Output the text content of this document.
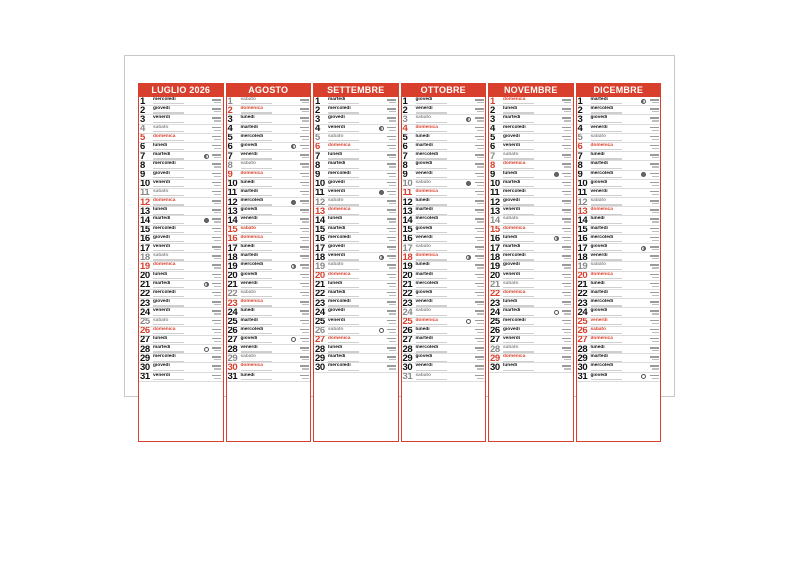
LUGLIO 2026
1 mercoledì
2 giovedì
3 venerdì
4 sabato
5 domenica
6 lunedì
7 martedì
8 mercoledì
9 giovedì
10 venerdì
11 sabato
12 domenica
13 lunedì
14 martedì
15 mercoledì
16 giovedì
17 venerdì
18 sabato
19 domenica
20 lunedì
21 martedì
22 mercoledì
23 giovedì
24 venerdì
25 sabato
26 domenica
27 lunedì
28 martedì
29 mercoledì
30 giovedì
31 venerdì
AGOSTO
1 sabato
2 domenica
3 lunedì
4 martedì
5 mercoledì
6 giovedì
7 venerdì
8 sabato
9 domenica
10 lunedì
11 martedì
12 mercoledì
13 giovedì
14 venerdì
15 sabato
16 domenica
17 lunedì
18 martedì
19 mercoledì
20 giovedì
21 venerdì
22 sabato
23 domenica
24 lunedì
25 martedì
26 mercoledì
27 giovedì
28 venerdì
29 sabato
30 domenica
31 lunedì
SETTEMBRE
1 martedì
2 mercoledì
3 giovedì
4 venerdì
5 sabato
6 domenica
7 lunedì
8 martedì
9 mercoledì
10 giovedì
11 venerdì
12 sabato
13 domenica
14 lunedì
15 martedì
16 mercoledì
17 giovedì
18 venerdì
19 sabato
20 domenica
21 lunedì
22 martedì
23 mercoledì
24 giovedì
25 venerdì
26 sabato
27 domenica
28 lunedì
29 martedì
30 mercoledì
OTTOBRE
1 giovedì
2 venerdì
3 sabato
4 domenica
5 lunedì
6 martedì
7 mercoledì
8 giovedì
9 venerdì
10 sabato
11 domenica
12 lunedì
13 martedì
14 mercoledì
15 giovedì
16 venerdì
17 sabato
18 domenica
19 lunedì
20 martedì
21 mercoledì
22 giovedì
23 venerdì
24 sabato
25 domenica
26 lunedì
27 martedì
28 mercoledì
29 giovedì
30 venerdì
31 sabato
NOVEMBRE
1 domenica
2 lunedì
3 martedì
4 mercoledì
5 giovedì
6 venerdì
7 sabato
8 domenica
9 lunedì
10 martedì
11 mercoledì
12 giovedì
13 venerdì
14 sabato
15 domenica
16 lunedì
17 martedì
18 mercoledì
19 giovedì
20 venerdì
21 sabato
22 domenica
23 lunedì
24 martedì
25 mercoledì
26 giovedì
27 venerdì
28 sabato
29 domenica
30 lunedì
DICEMBRE
1 martedì
2 mercoledì
3 giovedì
4 venerdì
5 sabato
6 domenica
7 lunedì
8 martedì
9 mercoledì
10 giovedì
11 venerdì
12 sabato
13 domenica
14 lunedì
15 martedì
16 mercoledì
17 giovedì
18 venerdì
19 sabato
20 domenica
21 lunedì
22 martedì
23 mercoledì
24 giovedì
25 venerdì
26 sabato
27 domenica
28 lunedì
29 martedì
30 mercoledì
31 giovedì
